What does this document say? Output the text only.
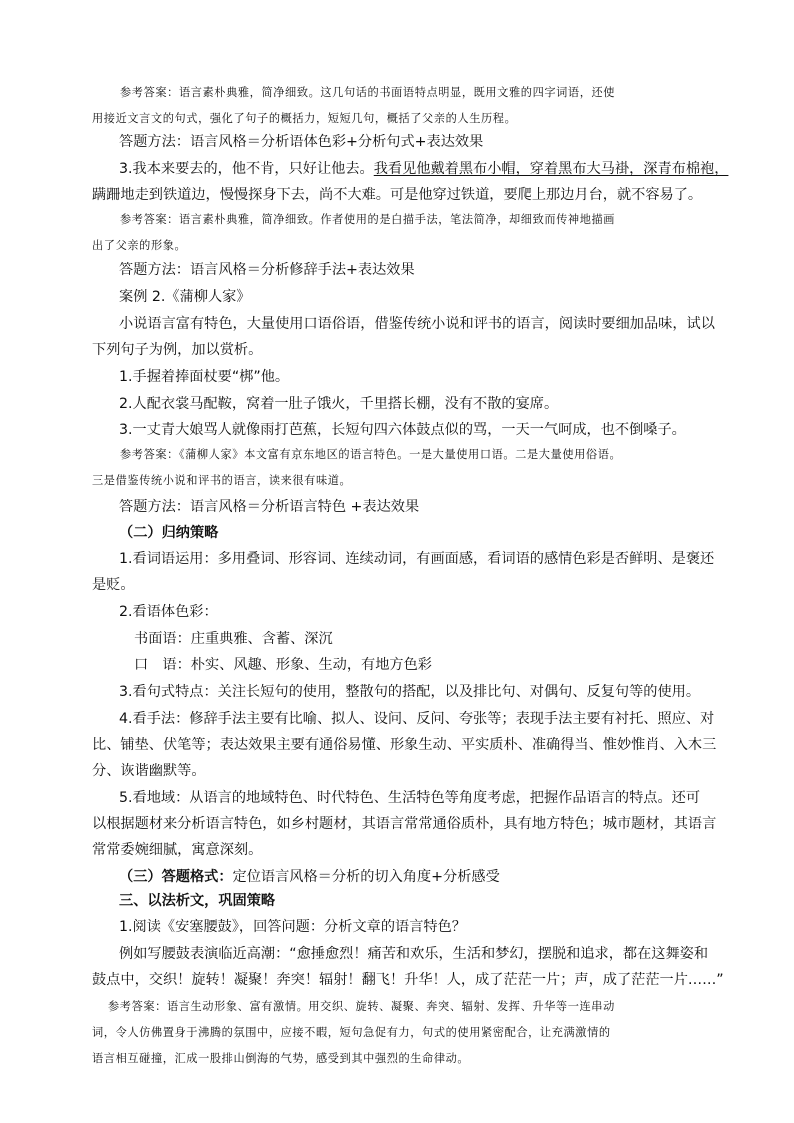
参考答案：语言素朴典雅，简净细致。这几句话的书面语特点明显，既用文雅的四字词语，还使
用接近文言文的句式，强化了句子的概括力，短短几句，概括了父亲的人生历程。
答题方法：语言风格＝分析语体色彩+分析句式+表达效果
3.我本来要去的，他不肯，只好让他去。我看见他戴着黑布小帽，穿着黑布大马褂，深青布棉袍，
蹒跚地走到铁道边，慢慢探身下去，尚不大难。可是他穿过铁道，要爬上那边月台，就不容易了。
参考答案：语言素朴典雅，简净细致。作者使用的是白描手法，笔法简净，却细致而传神地描画
出了父亲的形象。
答题方法：语言风格＝分析修辞手法+表达效果
案例 2.《蒲柳人家》
小说语言富有特色，大量使用口语俗语，借鉴传统小说和评书的语言，阅读时要细加品味，试以
下列句子为例，加以赏析。
1.手握着捧面杖要“梆”他。
2.人配衣裳马配鞍，窝着一肚子饿火，千里搭长棚，没有不散的宴席。
3.一丈青大娘骂人就像雨打芭蕉，长短句四六体鼓点似的骂，一天一气呵成，也不倒嗓子。
参考答案：《蒲柳人家》本文富有京东地区的语言特色。一是大量使用口语。二是大量使用俗语。
三是借鉴传统小说和评书的语言，读来很有味道。
答题方法：语言风格＝分析语言特色 +表达效果
（二）归纳策略
1.看词语运用：多用叠词、形容词、连续动词，有画面感，看词语的感情色彩是否鲜明、是褒还
是贬。
2.看语体色彩：
书面语：庄重典雅、含蓄、深沉
口　语：朴实、风趣、形象、生动，有地方色彩
3.看句式特点：关注长短句的使用，整散句的搭配，以及排比句、对偶句、反复句等的使用。
4.看手法：修辞手法主要有比喻、拟人、设问、反问、夸张等；表现手法主要有衬托、照应、对
比、铺垫、伏笔等；表达效果主要有通俗易懂、形象生动、平实质朴、准确得当、惟妙惟肖、入木三
分、诙谐幽默等。
5.看地域：从语言的地域特色、时代特色、生活特色等角度考虑，把握作品语言的特点。还可
以根据题材来分析语言特色，如乡村题材，其语言常常通俗质朴，具有地方特色；城市题材，其语言
常常委婉细腻，寓意深刻。
（三）答题格式：定位语言风格＝分析的切入角度+分析感受
三、以法析文，巩固策略
1.阅读《安塞腰鼓》，回答问题：分析文章的语言特色？
例如写腰鼓表演临近高潮：“愈捶愈烈！痛苦和欢乐，生活和梦幻，摆脱和追求，都在这舞姿和
鼓点中，交织！旋转！凝聚！奔突！辐射！翻飞！升华！人，成了茫茫一片；声，成了茫茫一片……”
参考答案：语言生动形象、富有激情。用交织、旋转、凝聚、奔突、辐射、发挥、升华等一连串动
词，令人仿佛置身于沸腾的氛围中，应接不暇，短句急促有力，句式的使用紧密配合，让充满激情的
语言相互碰撞，汇成一股排山倒海的气势，感受到其中强烈的生命律动。
